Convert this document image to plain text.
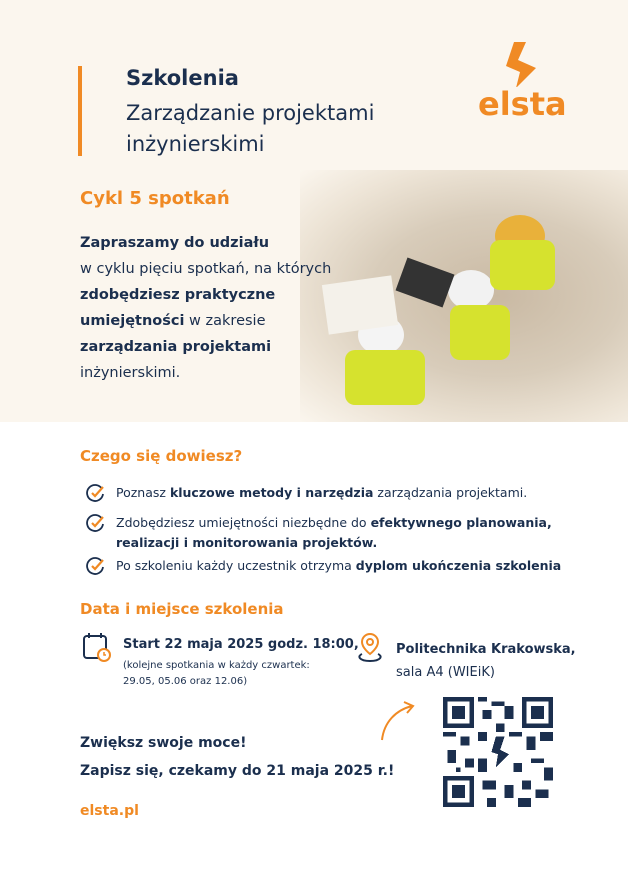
Szkolenia
Zarządzanie projektami
inżynierskimi
elsta
Cykl 5 spotkań
Zapraszamy do udziału
w cyklu pięciu spotkań, na których
zdobędziesz praktyczne
umiejętności w zakresie
zarządzania projektami
inżynierskimi.
Czego się dowiesz?
Poznasz kluczowe metody i narzędzia zarządzania projektami.
Zdobędziesz umiejętności niezbędne do efektywnego planowania,
realizacji i monitorowania projektów.
Po szkoleniu każdy uczestnik otrzyma dyplom ukończenia szkolenia
Data i miejsce szkolenia
Start 22 maja 2025 godz. 18:00,
(kolejne spotkania w każdy czwartek:
29.05, 05.06 oraz 12.06)
Politechnika Krakowska,
sala A4 (WIEiK)
Zwiększ swoje moce!
Zapisz się, czekamy do 21 maja 2025 r.!
elsta.pl
